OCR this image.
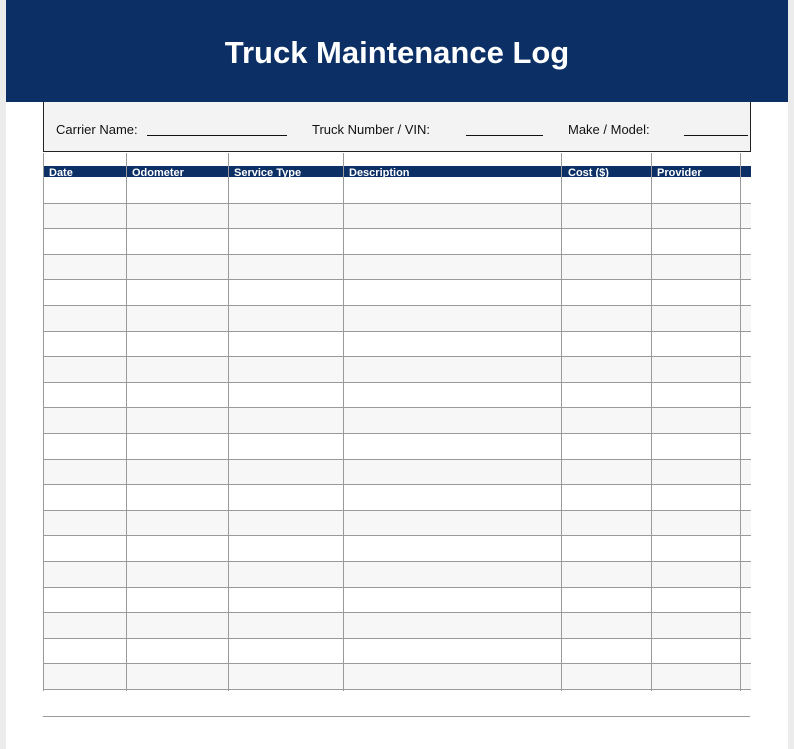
Truck Maintenance Log
Carrier Name:	Truck Number / VIN:	Make / Model:
Date	Odometer	Service Type	Description	Cost ($)	Provider
